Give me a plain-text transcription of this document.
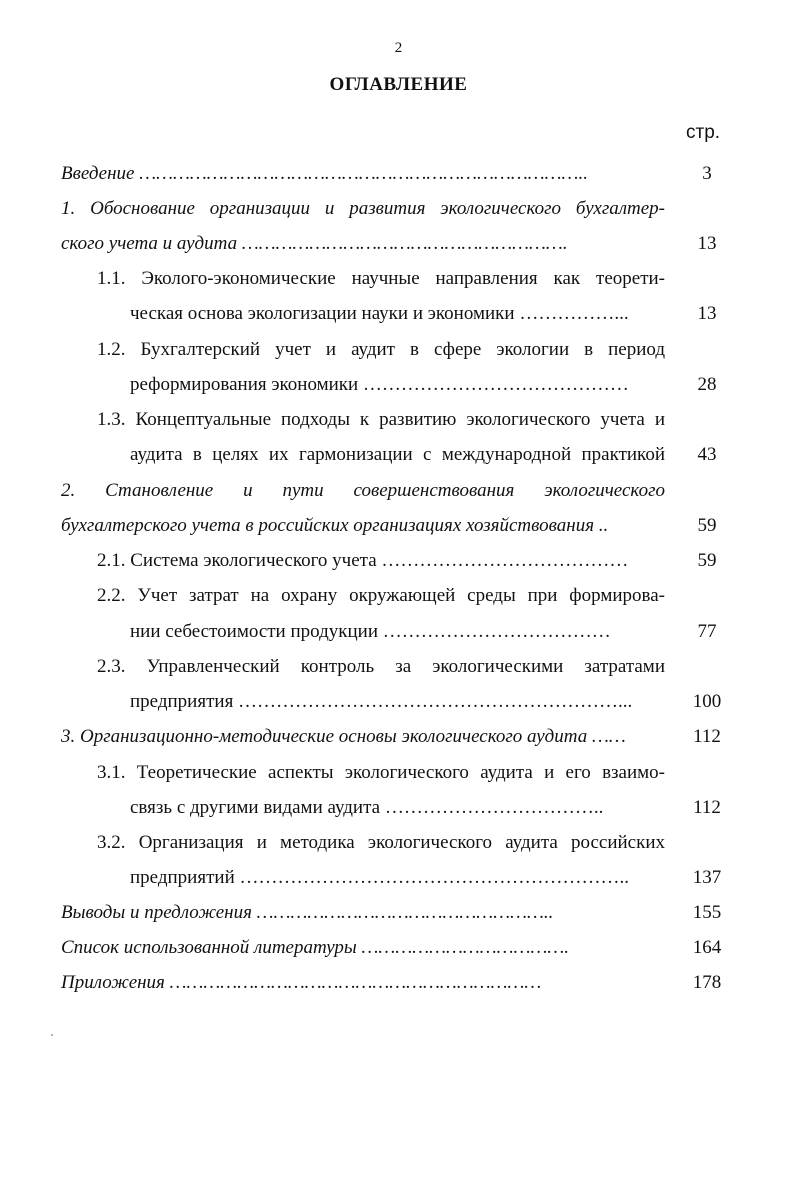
2
ОГЛАВЛЕНИЕ
стр.
Введение ……………………………………………………………………..	3
1. Обоснование организации и развития экологического бухгалтер-
ского учета и аудита ………………………………………………….	13
1.1. Эколого-экономические научные направления как теорети-
ческая основа экологизации науки и экономики ……………...	13
1.2. Бухгалтерский учет и аудит в сфере экологии в период
реформирования экономики ……………………………………	28
1.3. Концептуальные подходы к развитию экологического учета и
аудита в целях их гармонизации с международной практикой	43
2. Становление и пути совершенствования экологического
бухгалтерского учета в российских организациях хозяйствования ..	59
2.1. Система экологического учета …………………………………	59
2.2. Учет затрат на охрану окружающей среды при формирова-
нии себестоимости продукции ………………………………	77
2.3. Управленческий контроль за экологическими затратами
предприятия ……………………………………………………...	100
3. Организационно-методические основы экологического аудита ……	112
3.1. Теоретические аспекты экологического аудита и его взаимо-
связь с другими видами аудита ……………………………..	112
3.2. Организация и методика экологического аудита российских
предприятий ……………………………………………………..	137
Выводы и предложения ……………………………………………..	155
Список использованной литературы ……………………………….	164
Приложения …………………………………………………………	178
